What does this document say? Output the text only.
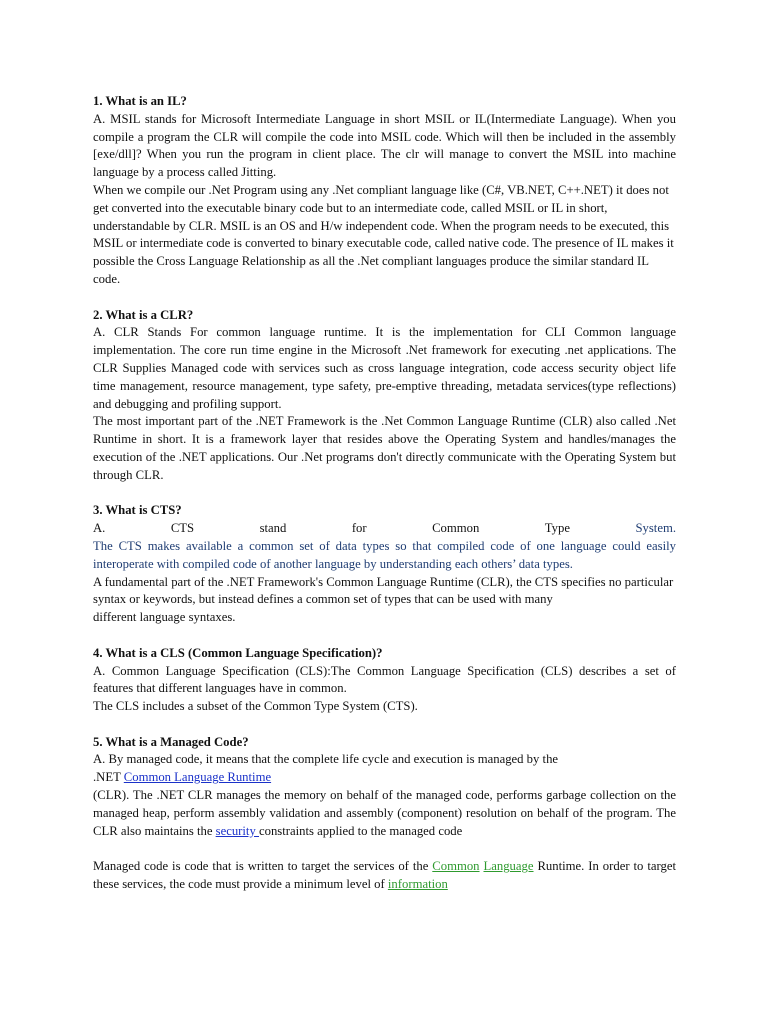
1. What is an IL?

A. MSIL stands for Microsoft Intermediate Language in short MSIL or IL(Intermediate Language). When you compile a program the CLR will compile the code into MSIL code. Which will then be included in the assembly [exe/dll]? When you run the program in client place. The clr will manage to convert the MSIL into machine language by a process called Jitting.

When we compile our .Net Program using any .Net compliant language like (C#, VB.NET, C++.NET) it does not get converted into the executable binary code but to an intermediate code, called MSIL or IL in short, understandable by CLR. MSIL is an OS and H/w independent code. When the program needs to be executed, this MSIL or intermediate code is converted to binary executable code, called native code. The presence of IL makes it possible the Cross Language Relationship as all the .Net compliant languages produce the similar standard IL code.

2. What is a CLR?

A. CLR Stands For common language runtime. It is the implementation for CLI Common language implementation. The core run time engine in the Microsoft .Net framework for executing .net applications. The CLR Supplies Managed code with services such as cross language integration, code access security object life time management, resource management, type safety, pre-emptive threading, metadata services(type reflections) and debugging and profiling support.

The most important part of the .NET Framework is the .Net Common Language Runtime (CLR) also called .Net Runtime in short. It is a framework layer that resides above the Operating System and handles/manages the execution of the .NET applications. Our .Net programs don't directly communicate with the Operating System but through CLR.

3. What is CTS?

A.	CTS	stand	for	Common	Type	System.

The CTS makes available a common set of data types so that compiled code of one language could easily interoperate with compiled code of another language by understanding each others’ data types.

A fundamental part of the .NET Framework's Common Language Runtime (CLR), the CTS specifies no particular syntax or keywords, but instead defines a common set of types that can be used with many

different language syntaxes.

4. What is a CLS (Common Language Specification)?

A. Common Language Specification (CLS):The Common Language Specification (CLS) describes a set of features that different languages have in common.

The CLS includes a subset of the Common Type System (CTS).

5. What is a Managed Code?

A. By managed code, it means that the complete life cycle and execution is managed by the

.NET Common Language Runtime

(CLR). The .NET CLR manages the memory on behalf of the managed code, performs garbage collection on the managed heap, perform assembly validation and assembly (component) resolution on behalf of the program. The CLR also maintains the security constraints applied to the managed code

Managed code is code that is written to target the services of the Common Language Runtime. In order to target these services, the code must provide a minimum level of information
